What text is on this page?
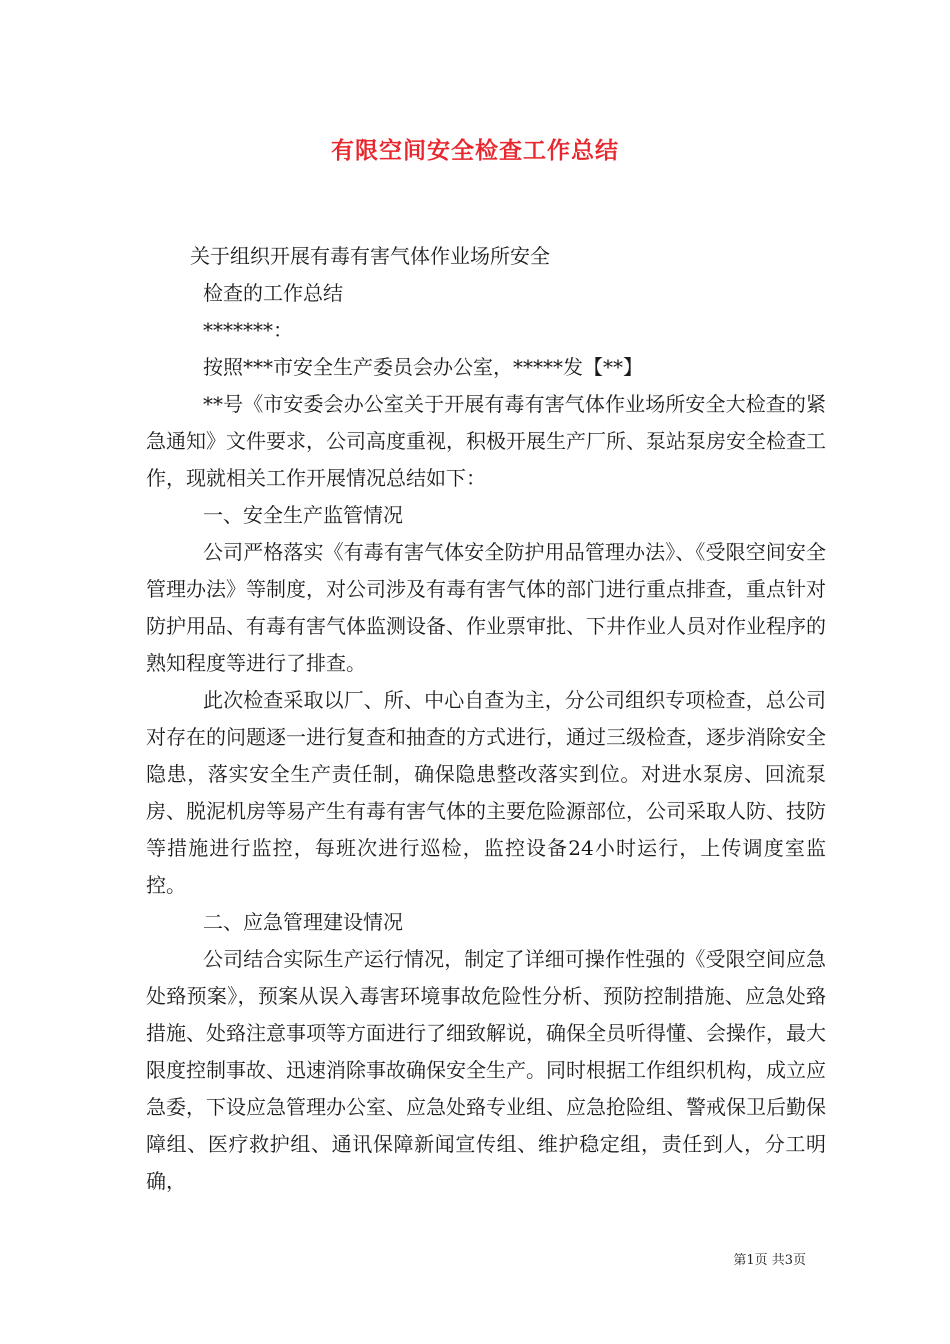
有限空间安全检查工作总结

关于组织开展有毒有害气体作业场所安全

检查的工作总结

*******：

按照***市安全生产委员会办公室，*****发【**】

**号《市安委会办公室关于开展有毒有害气体作业场所安全大检查的紧急通知》文件要求，公司高度重视，积极开展生产厂所、泵站泵房安全检查工作，现就相关工作开展情况总结如下：

一、安全生产监管情况

公司严格落实《有毒有害气体安全防护用品管理办法》、《受限空间安全管理办法》等制度，对公司涉及有毒有害气体的部门进行重点排查，重点针对防护用品、有毒有害气体监测设备、作业票审批、下井作业人员对作业程序的熟知程度等进行了排查。

此次检查采取以厂、所、中心自查为主，分公司组织专项检查，总公司对存在的问题逐一进行复查和抽查的方式进行，通过三级检查，逐步消除安全隐患，落实安全生产责任制，确保隐患整改落实到位。对进水泵房、回流泵房、脱泥机房等易产生有毒有害气体的主要危险源部位，公司采取人防、技防等措施进行监控，每班次进行巡检，监控设备24小时运行，上传调度室监控。

二、应急管理建设情况

公司结合实际生产运行情况，制定了详细可操作性强的《受限空间应急处臵预案》，预案从误入毒害环境事故危险性分析、预防控制措施、应急处臵措施、处臵注意事项等方面进行了细致解说，确保全员听得懂、会操作，最大限度控制事故、迅速消除事故确保安全生产。同时根据工作组织机构，成立应急委，下设应急管理办公室、应急处臵专业组、应急抢险组、警戒保卫后勤保障组、医疗救护组、通讯保障新闻宣传组、维护稳定组，责任到人，分工明确，

第1页 共3页
